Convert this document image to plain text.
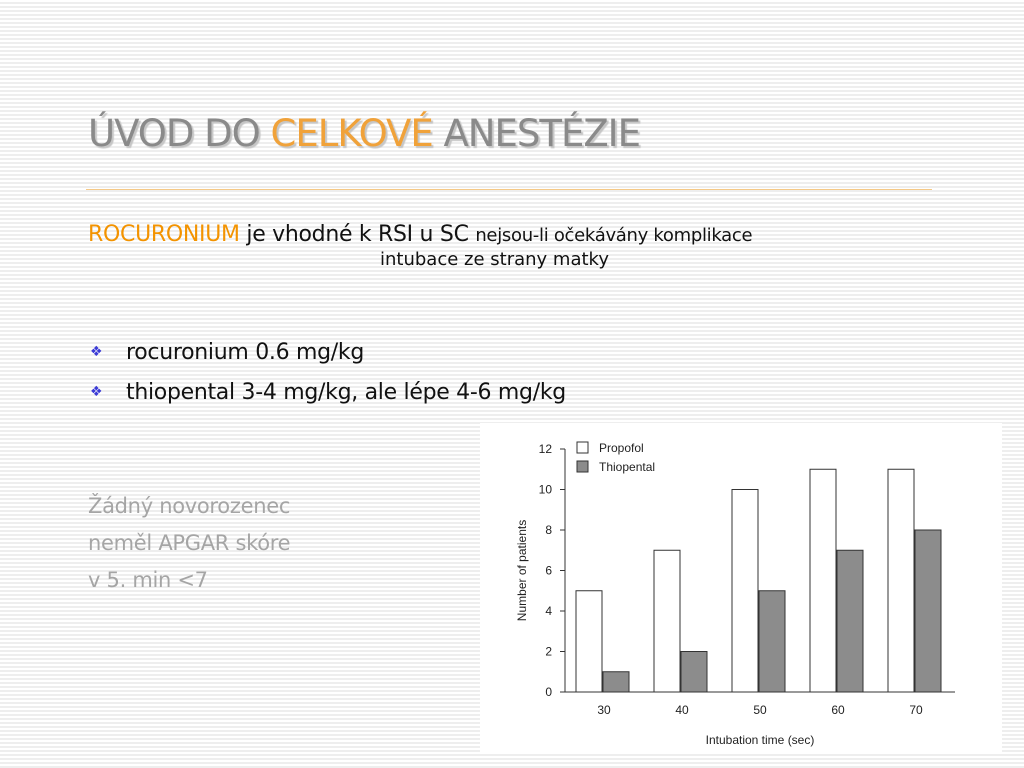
ÚVOD DO CELKOVÉ ANESTÉZIE
ROCURONIUM je vhodné k RSI u SC nejsou-li očekávány komplikace
intubace ze strany matky
❖ rocuronium 0.6 mg/kg
❖ thiopental 3-4 mg/kg, ale lépe 4-6 mg/kg
Žádný novorozenec
neměl APGAR skóre
v 5. min <7
0
2
4
6
8
10
12
30	40	50	60	70
Propofol
Thiopental
Number of patients
Intubation time (sec)
